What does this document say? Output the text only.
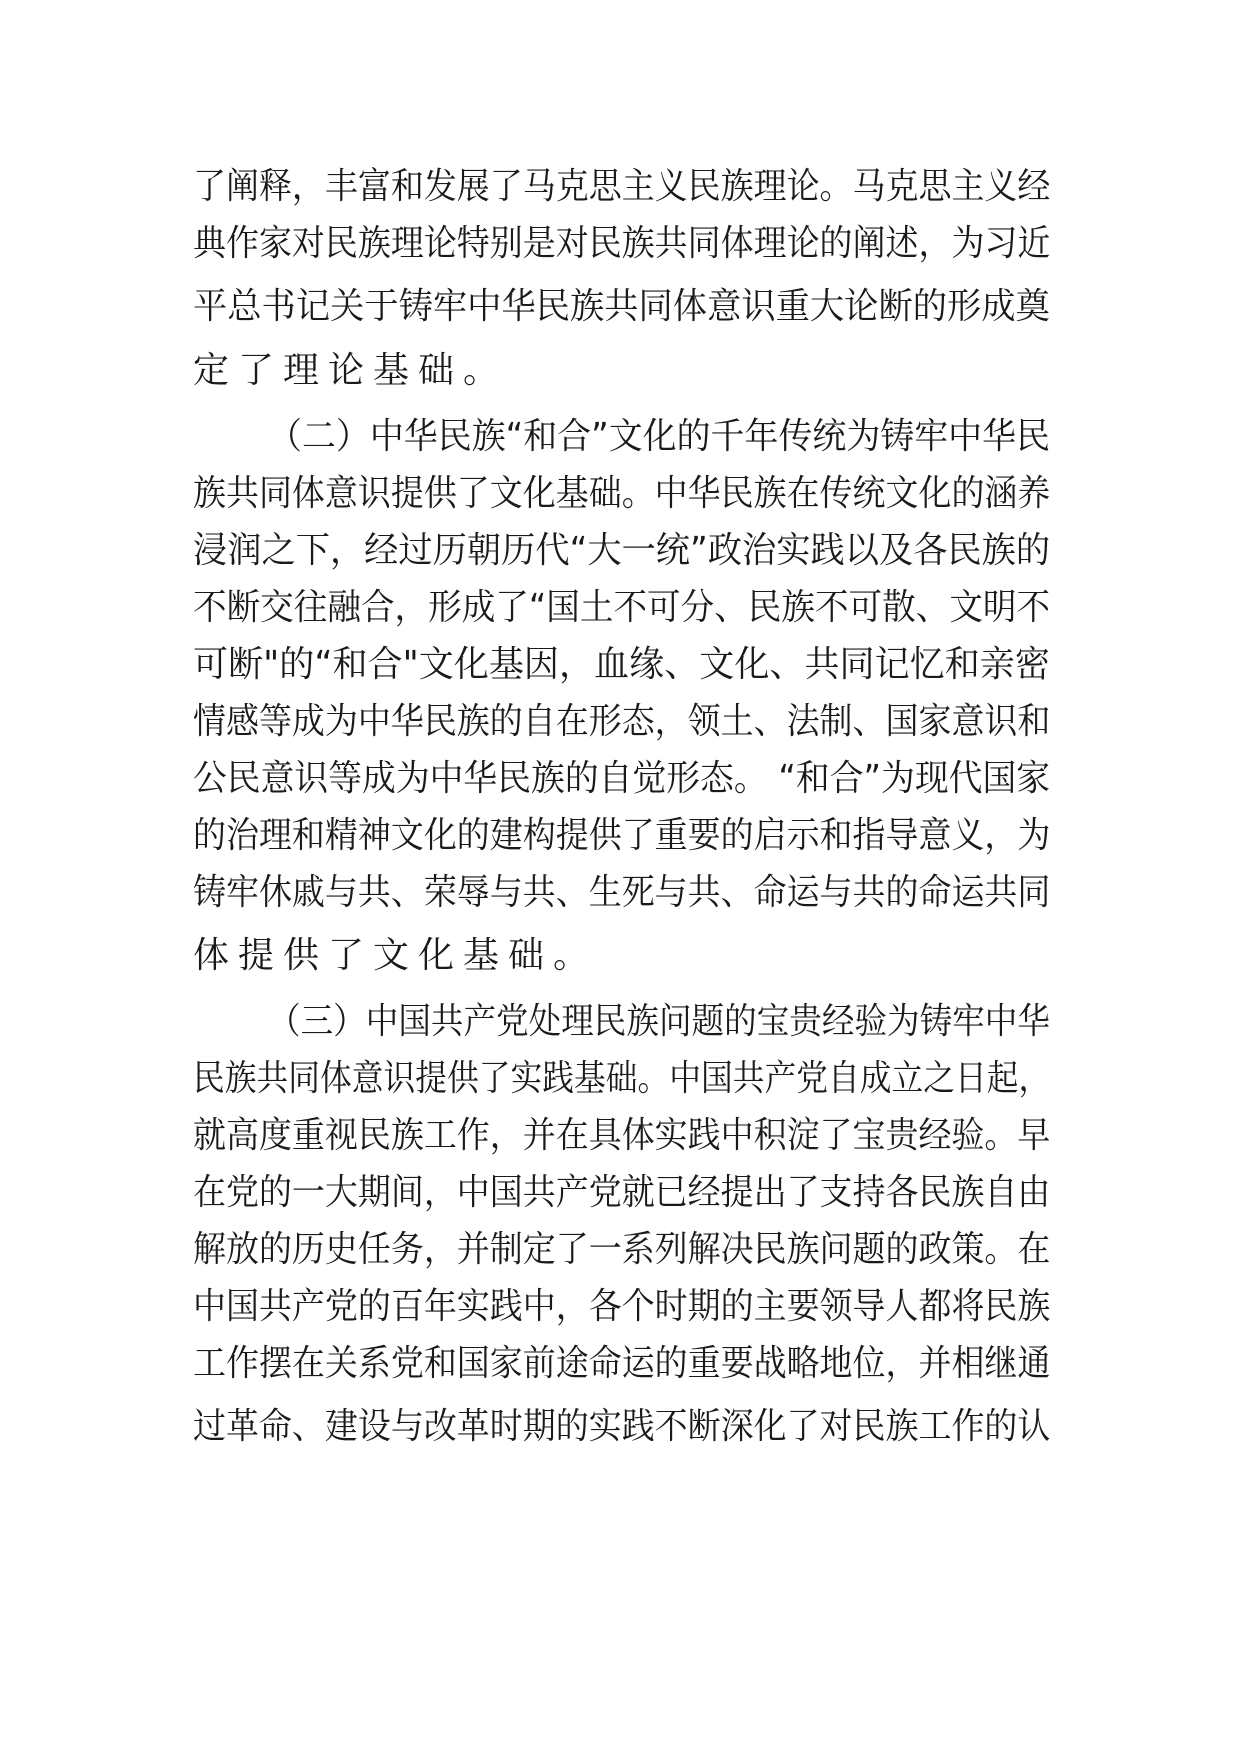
了阐释，丰富和发展了马克思主义民族理论。马克思主义经
典作家对民族理论特别是对民族共同体理论的阐述，为习近
平总书记关于铸牢中华民族共同体意识重大论断的形成奠
定了理论基础。
（二）中华民族“和合”文化的千年传统为铸牢中华民
族共同体意识提供了文化基础。中华民族在传统文化的涵养
浸润之下，经过历朝历代“大一统”政治实践以及各民族的
不断交往融合，形成了“国土不可分、民族不可散、文明不
可断"的“和合"文化基因，血缘、文化、共同记忆和亲密
情感等成为中华民族的自在形态，领土、法制、国家意识和
公民意识等成为中华民族的自觉形态。 “和合”为现代国家
的治理和精神文化的建构提供了重要的启示和指导意义，为
铸牢休戚与共、荣辱与共、生死与共、命运与共的命运共同
体提供了文化基础。
（三）中国共产党处理民族问题的宝贵经验为铸牢中华
民族共同体意识提供了实践基础。中国共产党自成立之日起，
就高度重视民族工作，并在具体实践中积淀了宝贵经验。早
在党的一大期间，中国共产党就已经提出了支持各民族自由
解放的历史任务，并制定了一系列解决民族问题的政策。在
中国共产党的百年实践中，各个时期的主要领导人都将民族
工作摆在关系党和国家前途命运的重要战略地位，并相继通
过革命、建设与改革时期的实践不断深化了对民族工作的认
